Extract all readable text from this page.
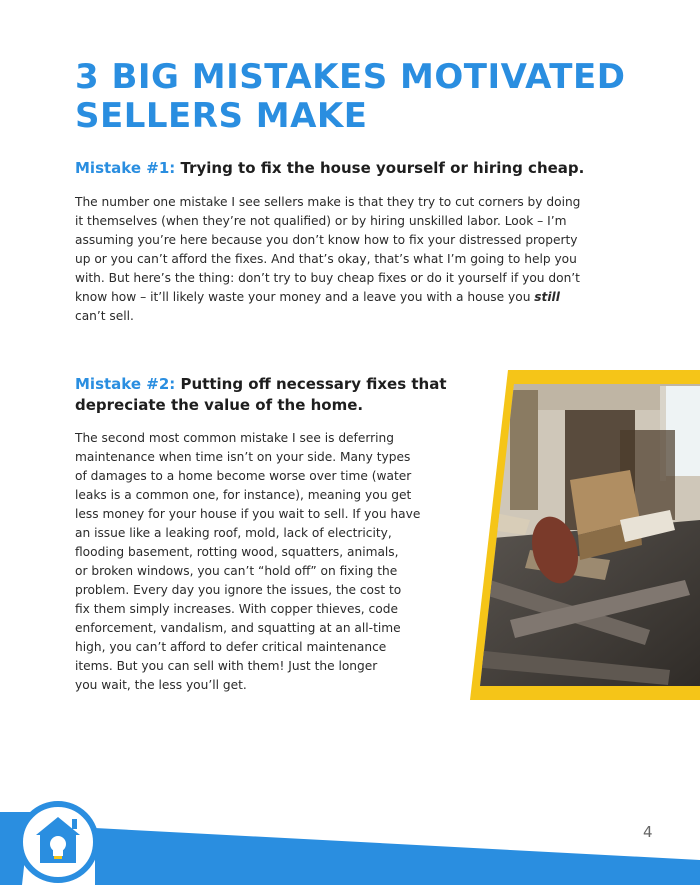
3 BIG MISTAKES MOTIVATED
SELLERS MAKE
Mistake #1: Trying to fix the house yourself or hiring cheap.
The number one mistake I see sellers make is that they try to cut corners by doing
it themselves (when they’re not qualified) or by hiring unskilled labor. Look – I’m
assuming you’re here because you don’t know how to fix your distressed property
up or you can’t afford the fixes. And that’s okay, that’s what I’m going to help you
with. But here’s the thing: don’t try to buy cheap fixes or do it yourself if you don’t
know how – it’ll likely waste your money and a leave you with a house you still
can’t sell.
Mistake #2: Putting off necessary fixes that
depreciate the value of the home.
The second most common mistake I see is deferring
maintenance when time isn’t on your side. Many types
of damages to a home become worse over time (water
leaks is a common one, for instance), meaning you get
less money for your house if you wait to sell. If you have
an issue like a leaking roof, mold, lack of electricity,
flooding basement, rotting wood, squatters, animals,
or broken windows, you can’t “hold off” on fixing the
problem. Every day you ignore the issues, the cost to
fix them simply increases. With copper thieves, code
enforcement, vandalism, and squatting at an all-time
high, you can’t afford to defer critical maintenance
items. But you can sell with them! Just the longer
you wait, the less you’ll get.
4
